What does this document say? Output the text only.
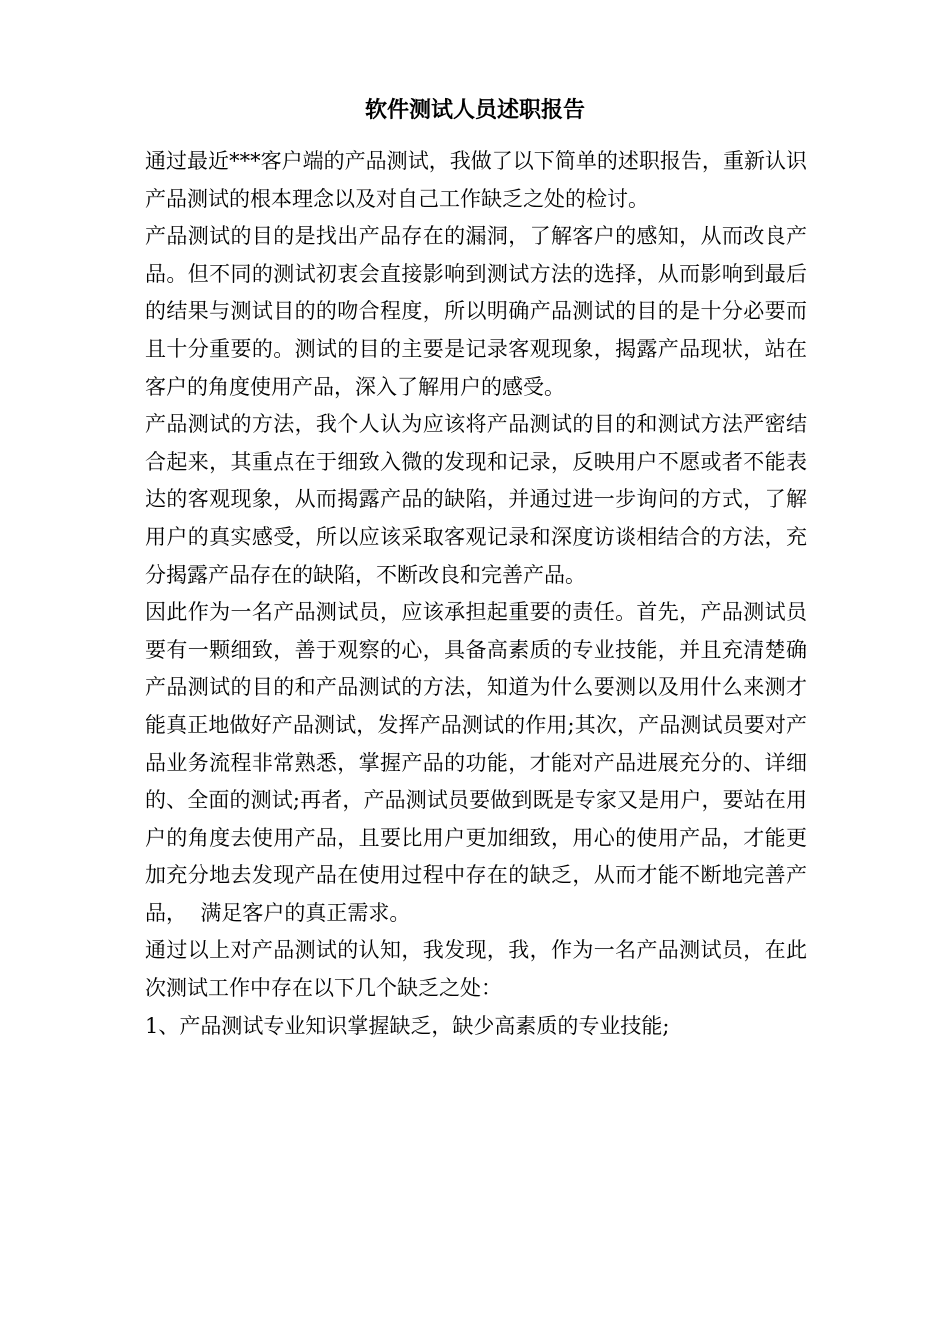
软件测试人员述职报告

通过最近***客户端的产品测试，我做了以下简单的述职报告，重新认识产品测试的根本理念以及对自己工作缺乏之处的检讨。

产品测试的目的是找出产品存在的漏洞，了解客户的感知，从而改良产品。但不同的测试初衷会直接影响到测试方法的选择，从而影响到最后的结果与测试目的的吻合程度，所以明确产品测试的目的是十分必要而且十分重要的。测试的目的主要是记录客观现象，揭露产品现状，站在客户的角度使用产品，深入了解用户的感受。

产品测试的方法，我个人认为应该将产品测试的目的和测试方法严密结合起来，其重点在于细致入微的发现和记录，反映用户不愿或者不能表达的客观现象，从而揭露产品的缺陷，并通过进一步询问的方式，了解用户的真实感受，所以应该采取客观记录和深度访谈相结合的方法，充分揭露产品存在的缺陷，不断改良和完善产品。

因此作为一名产品测试员，应该承担起重要的责任。首先，产品测试员要有一颗细致，善于观察的心，具备高素质的专业技能，并且充清楚确产品测试的目的和产品测试的方法，知道为什么要测以及用什么来测才能真正地做好产品测试，发挥产品测试的作用;其次，产品测试员要对产品业务流程非常熟悉，掌握产品的功能，才能对产品进展充分的、详细的、全面的测试;再者，产品测试员要做到既是专家又是用户，要站在用户的角度去使用产品，且要比用户更加细致，用心的使用产品，才能更加充分地去发现产品在使用过程中存在的缺乏，从而才能不断地完善产品，  满足客户的真正需求。

通过以上对产品测试的认知，我发现，我，作为一名产品测试员，在此次测试工作中存在以下几个缺乏之处：

1、产品测试专业知识掌握缺乏，缺少高素质的专业技能;
